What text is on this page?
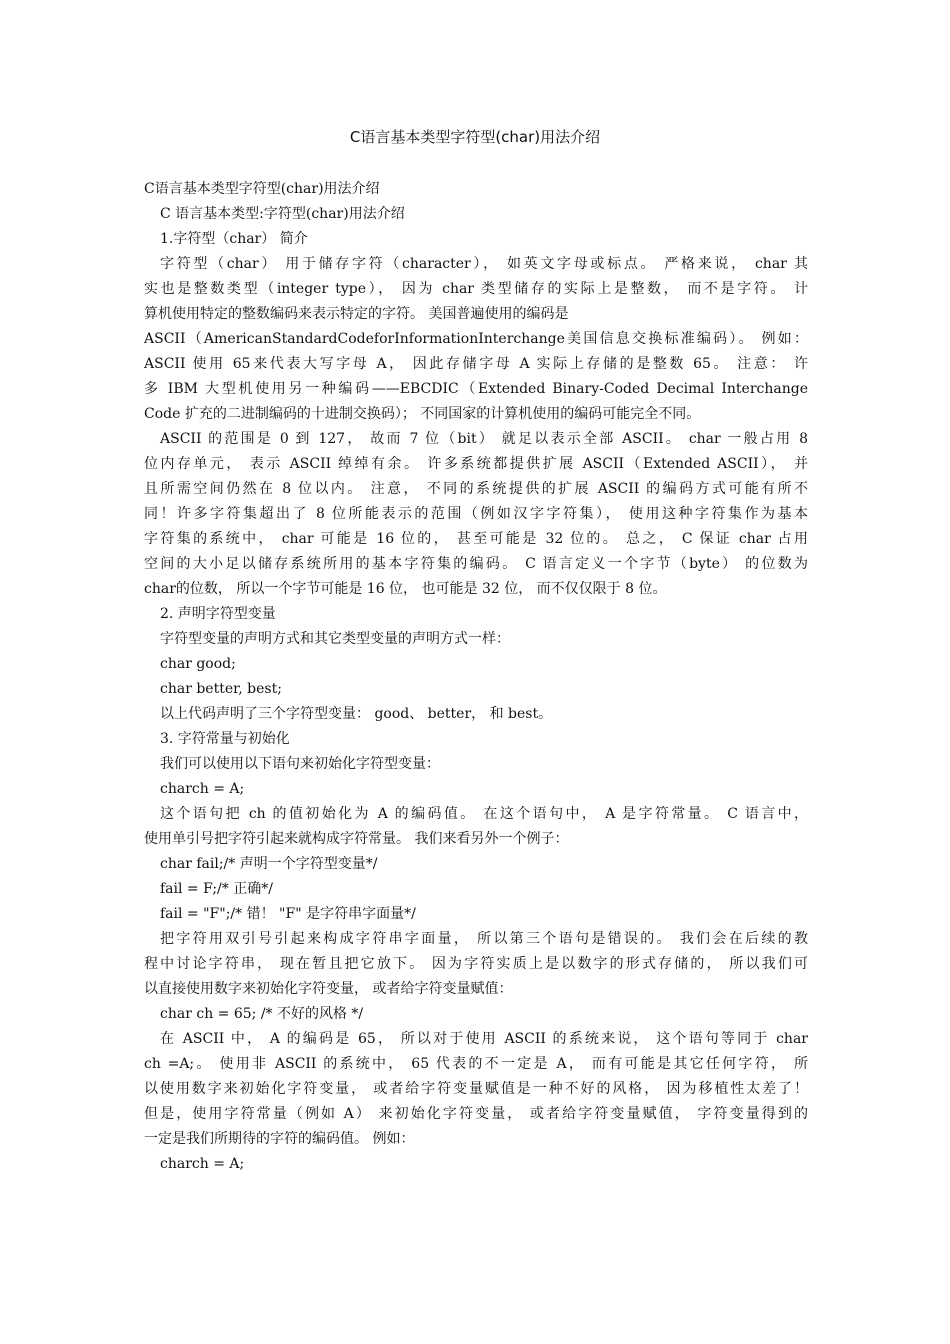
C语言基本类型字符型(char)用法介绍
C语言基本类型字符型(char)用法介绍
C 语言基本类型:字符型(char)用法介绍
1.字符型（char） 简介
字符型（char） 用于储存字符（character）， 如英文字母或标点。 严格来说， char 其
实也是整数类型（integer type）， 因为 char 类型储存的实际上是整数， 而不是字符。 计
算机使用特定的整数编码来表示特定的字符。 美国普遍使用的编码是
ASCII（AmericanStandardCodeforInformationInterchange美国信息交换标准编码）。 例如：
ASCII 使用 65来代表大写字母 A， 因此存储字母 A 实际上存储的是整数 65。 注意： 许
多 IBM 大型机使用另一种编码——EBCDIC（Extended Binary‐Coded Decimal Interchange
Code 扩充的二进制编码的十进制交换码）； 不同国家的计算机使用的编码可能完全不同。
ASCII 的范围是 0 到 127， 故而 7 位（bit） 就足以表示全部 ASCII。 char 一般占用 8
位内存单元， 表示 ASCII 绰绰有余。 许多系统都提供扩展 ASCII（Extended ASCII）， 并
且所需空间仍然在 8 位以内。 注意， 不同的系统提供的扩展 ASCII 的编码方式可能有所不
同！许多字符集超出了 8 位所能表示的范围（例如汉字字符集）， 使用这种字符集作为基本
字符集的系统中， char 可能是 16 位的， 甚至可能是 32 位的。 总之， C 保证 char 占用
空间的大小足以储存系统所用的基本字符集的编码。 C 语言定义一个字节（byte） 的位数为
char的位数， 所以一个字节可能是 16 位， 也可能是 32 位， 而不仅仅限于 8 位。
2. 声明字符型变量
字符型变量的声明方式和其它类型变量的声明方式一样：
char good;
char better, best;
以上代码声明了三个字符型变量： good、 better， 和 best。
3. 字符常量与初始化
我们可以使用以下语句来初始化字符型变量：
charch = A;
这个语句把 ch 的值初始化为 A 的编码值。 在这个语句中， A 是字符常量。 C 语言中，
使用单引号把字符引起来就构成字符常量。 我们来看另外一个例子：
char fail;/* 声明一个字符型变量*/
fail = F;/* 正确*/
fail = "F";/* 错！ "F" 是字符串字面量*/
把字符用双引号引起来构成字符串字面量， 所以第三个语句是错误的。 我们会在后续的教
程中讨论字符串， 现在暂且把它放下。 因为字符实质上是以数字的形式存储的， 所以我们可
以直接使用数字来初始化字符变量， 或者给字符变量赋值：
char ch = 65; /* 不好的风格 */
在 ASCII 中， A 的编码是 65， 所以对于使用 ASCII 的系统来说， 这个语句等同于 char
ch =A;。 使用非 ASCII 的系统中， 65 代表的不一定是 A， 而有可能是其它任何字符， 所
以使用数字来初始化字符变量， 或者给字符变量赋值是一种不好的风格， 因为移植性太差了！
但是，使用字符常量（例如 A） 来初始化字符变量， 或者给字符变量赋值， 字符变量得到的
一定是我们所期待的字符的编码值。 例如：
charch = A;
